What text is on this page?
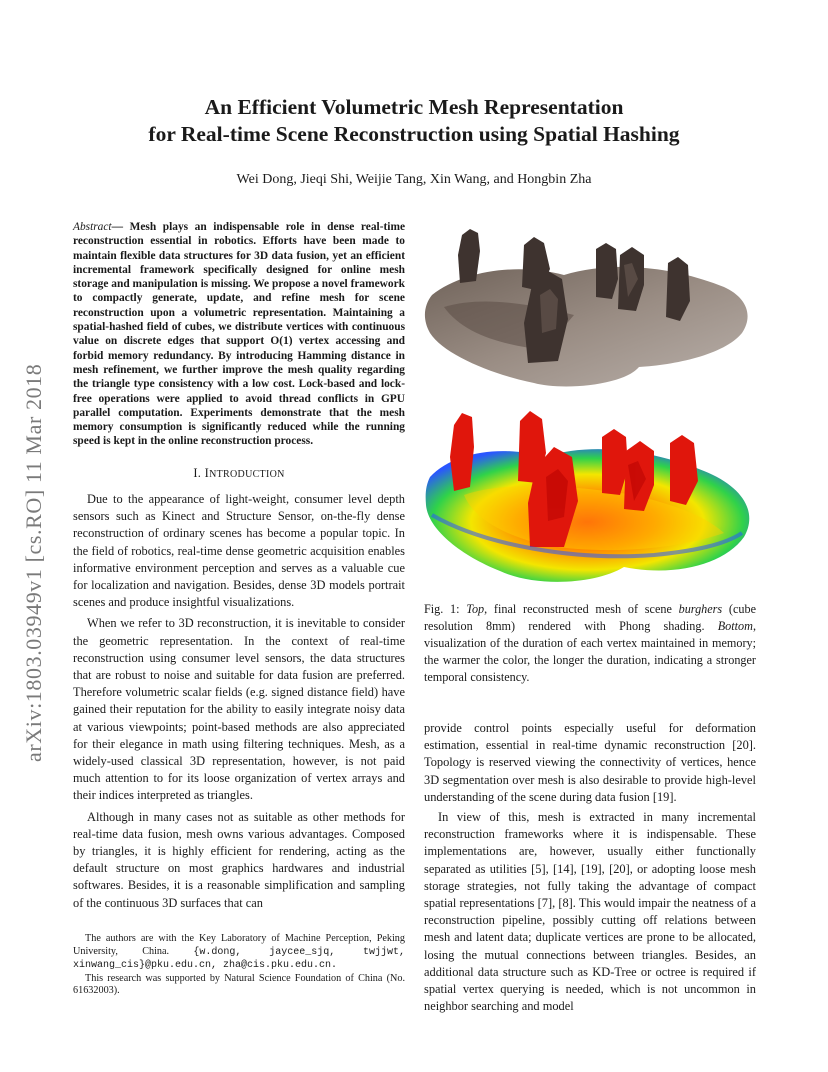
arXiv:1803.03949v1 [cs.RO] 11 Mar 2018
An Efficient Volumetric Mesh Representation
for Real-time Scene Reconstruction using Spatial Hashing
Wei Dong, Jieqi Shi, Weijie Tang, Xin Wang, and Hongbin Zha
Abstract— Mesh plays an indispensable role in dense real-time reconstruction essential in robotics. Efforts have been made to maintain flexible data structures for 3D data fusion, yet an efficient incremental framework specifically designed for online mesh storage and manipulation is missing. We propose a novel framework to compactly generate, update, and refine mesh for scene reconstruction upon a volumetric representation. Maintaining a spatial-hashed field of cubes, we distribute vertices with continuous value on discrete edges that support O(1) vertex accessing and forbid memory redundancy. By introducing Hamming distance in mesh refinement, we further improve the mesh quality regarding the triangle type consistency with a low cost. Lock-based and lock-free operations were applied to avoid thread conflicts in GPU parallel computation. Experiments demonstrate that the mesh memory consumption is significantly reduced while the running speed is kept in the online reconstruction process.
I. INTRODUCTION

Due to the appearance of light-weight, consumer level depth sensors such as Kinect and Structure Sensor, on-the-fly dense reconstruction of ordinary scenes has become a popular topic. In the field of robotics, real-time dense geometric acquisition enables informative environment perception and serves as a valuable cue for localization and navigation. Besides, dense 3D models portrait scenes and produce insightful visualizations.

When we refer to 3D reconstruction, it is inevitable to consider the geometric representation. In the context of real-time reconstruction using consumer level sensors, the data structures that are robust to noise and suitable for data fusion are preferred. Therefore volumetric scalar fields (e.g. signed distance field) have gained their reputation for the ability to easily integrate noisy data at various viewpoints; point-based methods are also appreciated for their elegance in math using filtering techniques. Mesh, as a widely-used classical 3D representation, however, is not paid much attention to for its loose organization of vertex arrays and their indices interpreted as triangles.

Although in many cases not as suitable as other methods for real-time data fusion, mesh owns various advantages. Composed by triangles, it is highly efficient for rendering, acting as the default structure on most graphics hardwares and industrial softwares. Besides, it is a reasonable simplification and sampling of the continuous 3D surfaces that can

The authors are with the Key Laboratory of Machine Perception, Peking University, China. {w.dong, jaycee_sjq, twjjwt, xinwang_cis}@pku.edu.cn, zha@cis.pku.edu.cn.

This research was supported by Natural Science Foundation of China (No. 61632003).

Fig. 1: Top, final reconstructed mesh of scene burghers (cube resolution 8mm) rendered with Phong shading. Bottom, visualization of the duration of each vertex maintained in memory; the warmer the color, the longer the duration, indicating a stronger temporal consistency.

provide control points especially useful for deformation estimation, essential in real-time dynamic reconstruction [20]. Topology is reserved viewing the connectivity of vertices, hence 3D segmentation over mesh is also desirable to provide high-level understanding of the scene during data fusion [19].

In view of this, mesh is extracted in many incremental reconstruction frameworks where it is indispensable. These implementations are, however, usually either functionally separated as utilities [5], [14], [19], [20], or adopting loose mesh storage strategies, not fully taking the advantage of compact spatial representations [7], [8]. This would impair the neatness of a reconstruction pipeline, possibly cutting off relations between mesh and latent data; duplicate vertices are prone to be allocated, losing the mutual connections between triangles. Besides, an additional data structure such as KD-Tree or octree is required if spatial vertex querying is needed, which is not uncommon in neighbor searching and model
